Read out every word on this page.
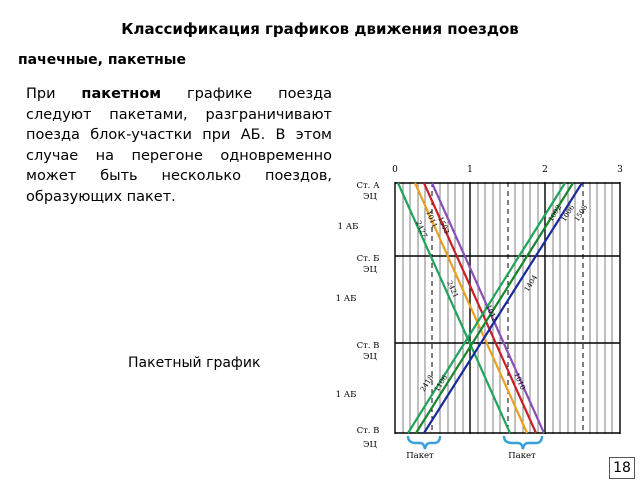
Классификация графиков движения поездов
пачечные, пакетные
При пакетном графике поезда следуют пакетами, разграничивают поезда блок-участки при АБ. В этом случае на перегоне одновременно может быть несколько поездов, образующих пакет.
Пакетный график
18
0	1	2	3
Ст. А
ЭЦ
Ст. Б
ЭЦ
Ст. В
ЭЦ
Ст. В
ЭЦ
1 АБ
1 АБ
1 АБ
2427
1011
1503
1002
1006
1508
2421
1012
1404
2418
1106	1010
Пакет	Пакет
